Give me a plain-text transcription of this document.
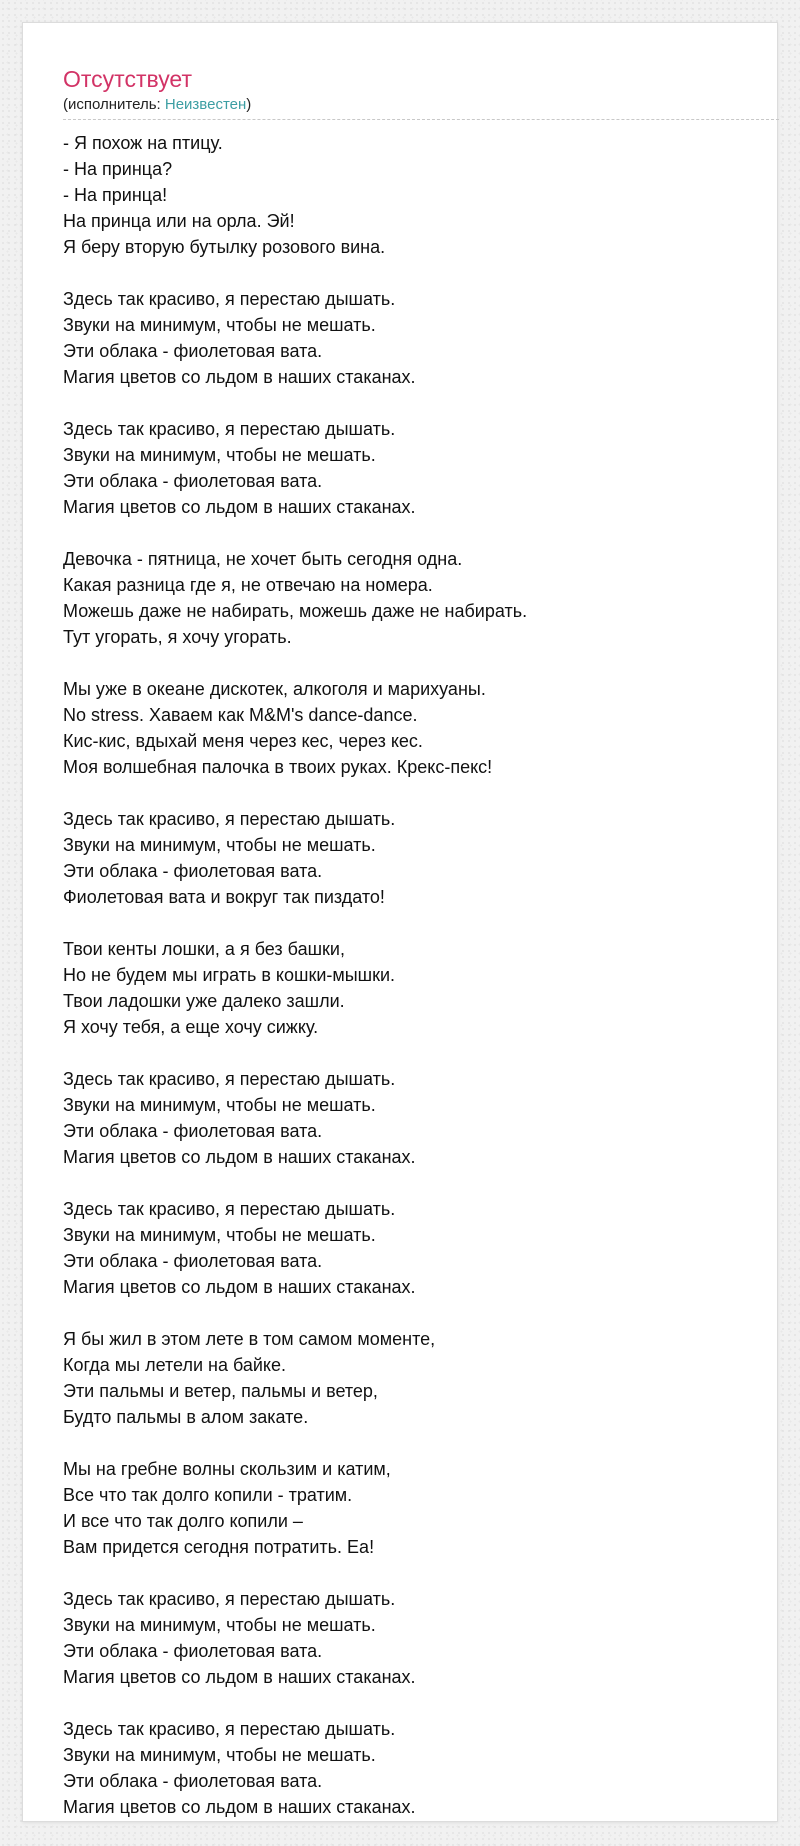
Отсутствует
(исполнитель: Неизвестен)
- Я похож на птицу.
- На принца?
- На принца!
На принца или на орла. Эй!
Я беру вторую бутылку розового вина.
Здесь так красиво, я перестаю дышать.
Звуки на минимум, чтобы не мешать.
Эти облака - фиолетовая вата.
Магия цветов со льдом в наших стаканах.
Здесь так красиво, я перестаю дышать.
Звуки на минимум, чтобы не мешать.
Эти облака - фиолетовая вата.
Магия цветов со льдом в наших стаканах.
Девочка - пятница, не хочет быть сегодня одна.
Какая разница где я, не отвечаю на номера.
Можешь даже не набирать, можешь даже не набирать.
Тут угорать, я хочу угорать.
Мы уже в океане дискотек, алкоголя и марихуаны.
No stress. Хаваем как M&M's dance-dance.
Кис-кис, вдыхай меня через кес, через кес.
Моя волшебная палочка в твоих руках. Крекс-пекс!
Здесь так красиво, я перестаю дышать.
Звуки на минимум, чтобы не мешать.
Эти облака - фиолетовая вата.
Фиолетовая вата и вокруг так пиздато!
Твои кенты лошки, а я без башки,
Но не будем мы играть в кошки-мышки.
Твои ладошки уже далеко зашли.
Я хочу тебя, а еще хочу сижку.
Здесь так красиво, я перестаю дышать.
Звуки на минимум, чтобы не мешать.
Эти облака - фиолетовая вата.
Магия цветов со льдом в наших стаканах.
Здесь так красиво, я перестаю дышать.
Звуки на минимум, чтобы не мешать.
Эти облака - фиолетовая вата.
Магия цветов со льдом в наших стаканах.
Я бы жил в этом лете в том самом моменте,
Когда мы летели на байке.
Эти пальмы и ветер, пальмы и ветер,
Будто пальмы в алом закате.
Мы на гребне волны скользим и катим,
Все что так долго копили - тратим.
И все что так долго копили –
Вам придется сегодня потратить. Еа!
Здесь так красиво, я перестаю дышать.
Звуки на минимум, чтобы не мешать.
Эти облака - фиолетовая вата.
Магия цветов со льдом в наших стаканах.
Здесь так красиво, я перестаю дышать.
Звуки на минимум, чтобы не мешать.
Эти облака - фиолетовая вата.
Магия цветов со льдом в наших стаканах.
